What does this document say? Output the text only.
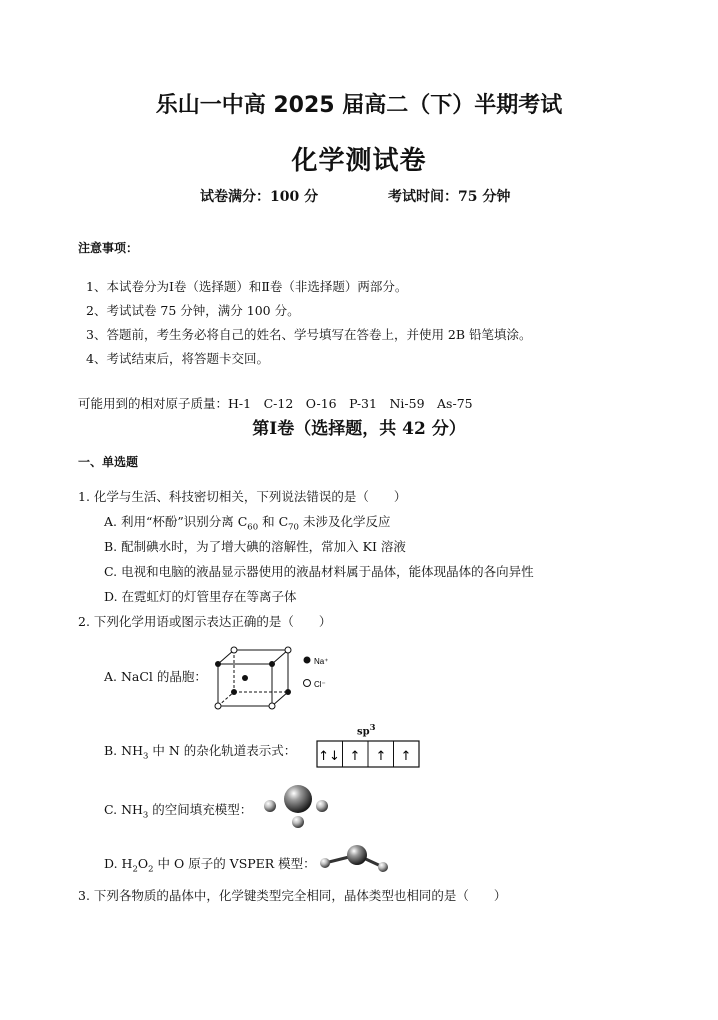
乐山一中高 2025 届高二（下）半期考试
化学测试卷
试卷满分：100 分	考试时间：75 分钟
注意事项：
1、本试卷分为Ⅰ卷（选择题）和Ⅱ卷（非选择题）两部分。
2、考试试卷 75 分钟，满分 100 分。
3、答题前，考生务必将自己的姓名、学号填写在答卷上，并使用 2B 铅笔填涂。
4、考试结束后，将答题卡交回。
可能用到的相对原子质量：H-1　C-12　O-16　P-31　Ni-59　As-75
第Ⅰ卷（选择题，共 42 分）
一、单选题
1. 化学与生活、科技密切相关，下列说法错误的是（　　）
A. 利用“杯酚”识别分离 $C_{60}$ 和 $C_{70}$ 未涉及化学反应
B. 配制碘水时，为了增大碘的溶解性，常加入 KI 溶液
C. 电视和电脑的液晶显示器使用的液晶材料属于晶体，能体现晶体的各向异性
D. 在霓虹灯的灯管里存在等离子体
2. 下列化学用语或图示表达正确的是（　　）
A. NaCl 的晶胞：
Na⁺
Cl⁻
B. $NH_3$ 中 N 的杂化轨道表示式：
$sp^3$
↑↓ ↑ ↑ ↑
C. $NH_3$ 的空间填充模型：
D. $H_2O_2$ 中 O 原子的 VSPER 模型：
3. 下列各物质的晶体中，化学键类型完全相同，晶体类型也相同的是（　　）
